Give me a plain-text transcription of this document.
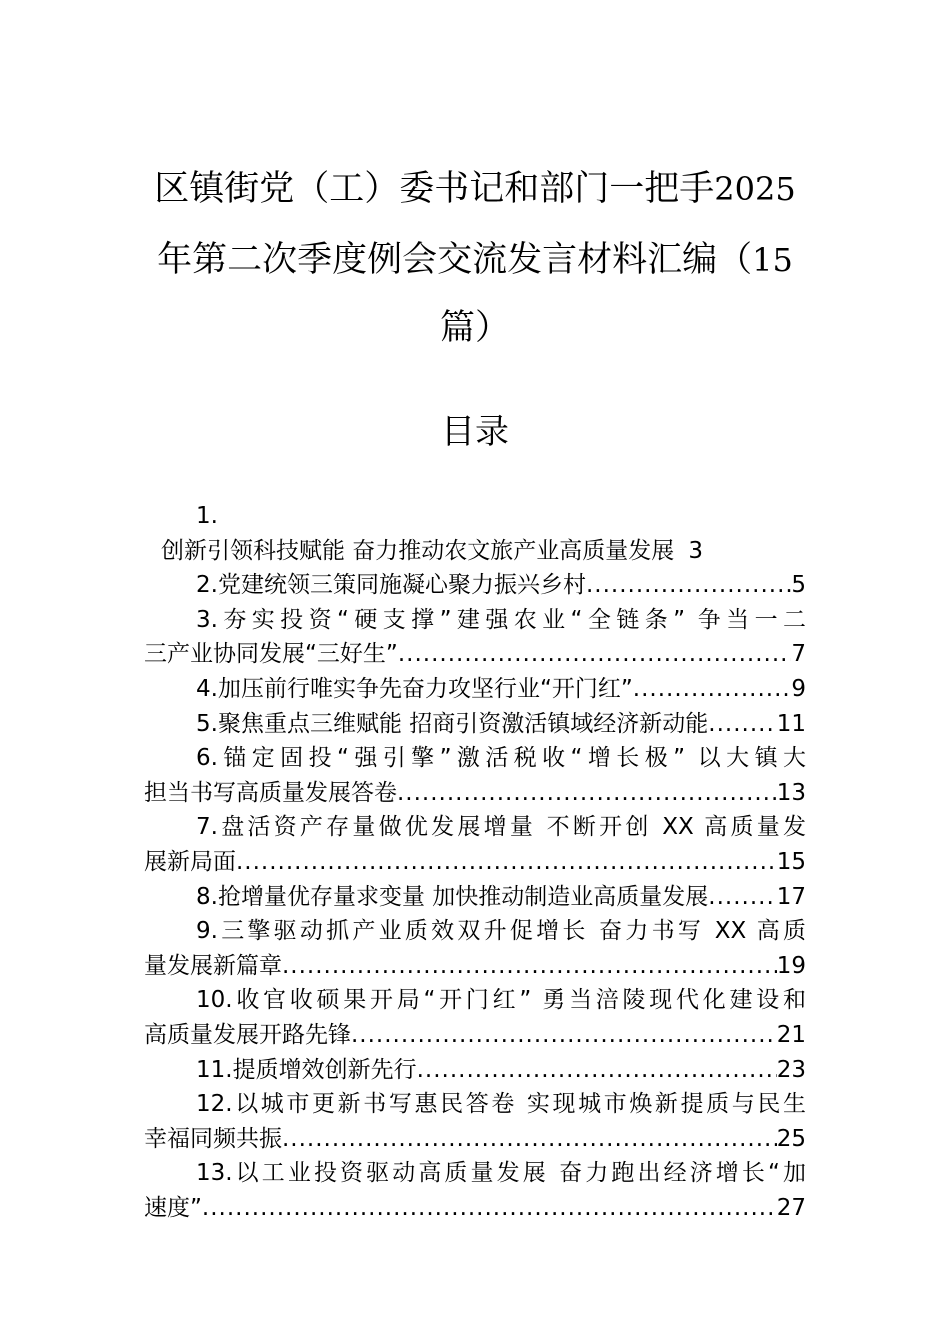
区镇街党（工）委书记和部门一把手2025
年第二次季度例会交流发言材料汇编（15
篇）
目录
1.
创新引领科技赋能 奋力推动农文旅产业高质量发展 3
2.党建统领三策同施凝心聚力振兴乡村 .....	5
3.夯实投资“硬支撑”建强农业“全链条” 争当一二
三产业协同发展“三好生” .....	7
4.加压前行唯实争先奋力攻坚行业“开门红” .....	9
5.聚焦重点三维赋能 招商引资激活镇域经济新动能 .....	11
6.锚定固投“强引擎”激活税收“增长极” 以大镇大
担当书写高质量发展答卷 .....	13
7.盘活资产存量做优发展增量 不断开创 XX 高质量发
展新局面 .....	15
8.抢增量优存量求变量 加快推动制造业高质量发展 .....	17
9.三擎驱动抓产业质效双升促增长 奋力书写 XX 高质
量发展新篇章 .....	19
10.收官收硕果开局“开门红” 勇当涪陵现代化建设和
高质量发展开路先锋 .....	21
11.提质增效创新先行 .....	23
12.以城市更新书写惠民答卷 实现城市焕新提质与民生
幸福同频共振 .....	25
13.以工业投资驱动高质量发展 奋力跑出经济增长“加
速度” .....	27
